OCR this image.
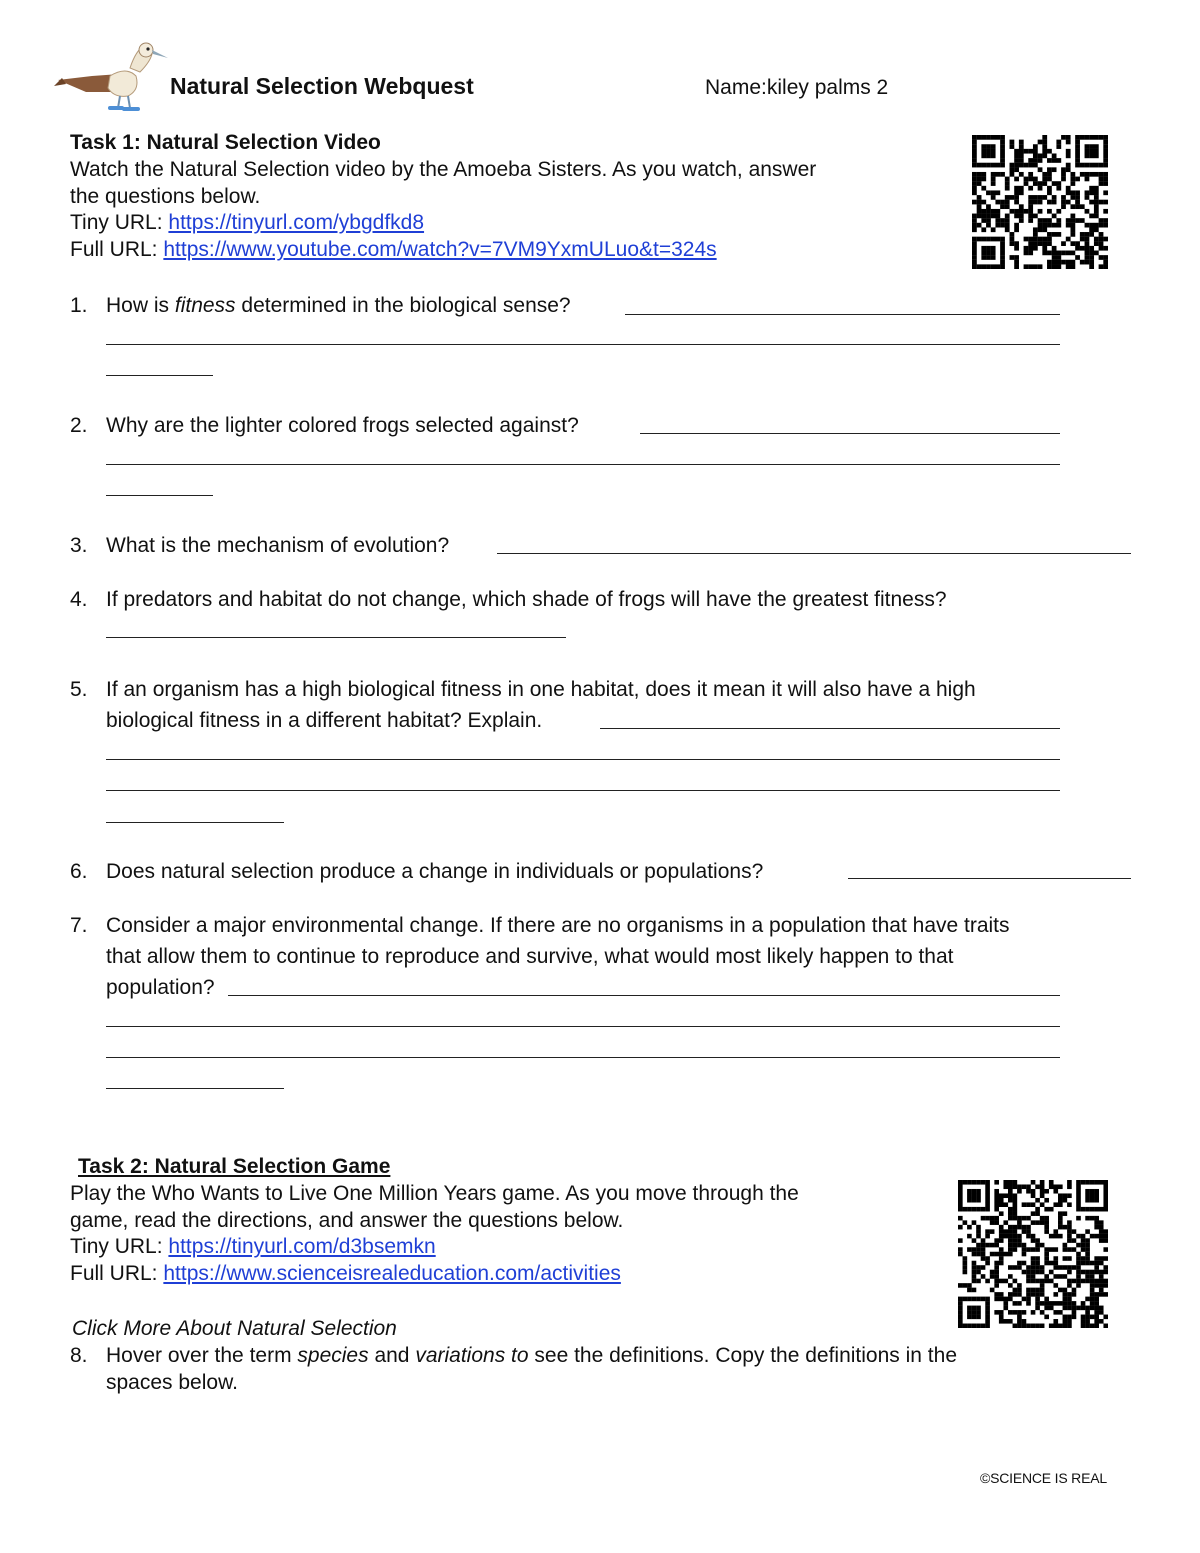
Natural Selection Webquest	Name:kiley palms 2
Task 1: Natural Selection Video
Watch the Natural Selection video by the Amoeba Sisters. As you watch, answer
the questions below.
Tiny URL: https://tinyurl.com/ybgdfkd8
Full URL: https://www.youtube.com/watch?v=7VM9YxmULuo&t=324s
1. How is fitness determined in the biological sense?
2. Why are the lighter colored frogs selected against?
3. What is the mechanism of evolution?
4. If predators and habitat do not change, which shade of frogs will have the greatest fitness?
5. If an organism has a high biological fitness in one habitat, does it mean it will also have a high
biological fitness in a different habitat? Explain.
6. Does natural selection produce a change in individuals or populations?
7. Consider a major environmental change. If there are no organisms in a population that have traits
that allow them to continue to reproduce and survive, what would most likely happen to that
population?
Task 2: Natural Selection Game
Play the Who Wants to Live One Million Years game. As you move through the
game, read the directions, and answer the questions below.
Tiny URL: https://tinyurl.com/d3bsemkn
Full URL: https://www.scienceisrealeducation.com/activities
Click More About Natural Selection
8. Hover over the term species and variations to see the definitions. Copy the definitions in the
spaces below.
©SCIENCE IS REAL
